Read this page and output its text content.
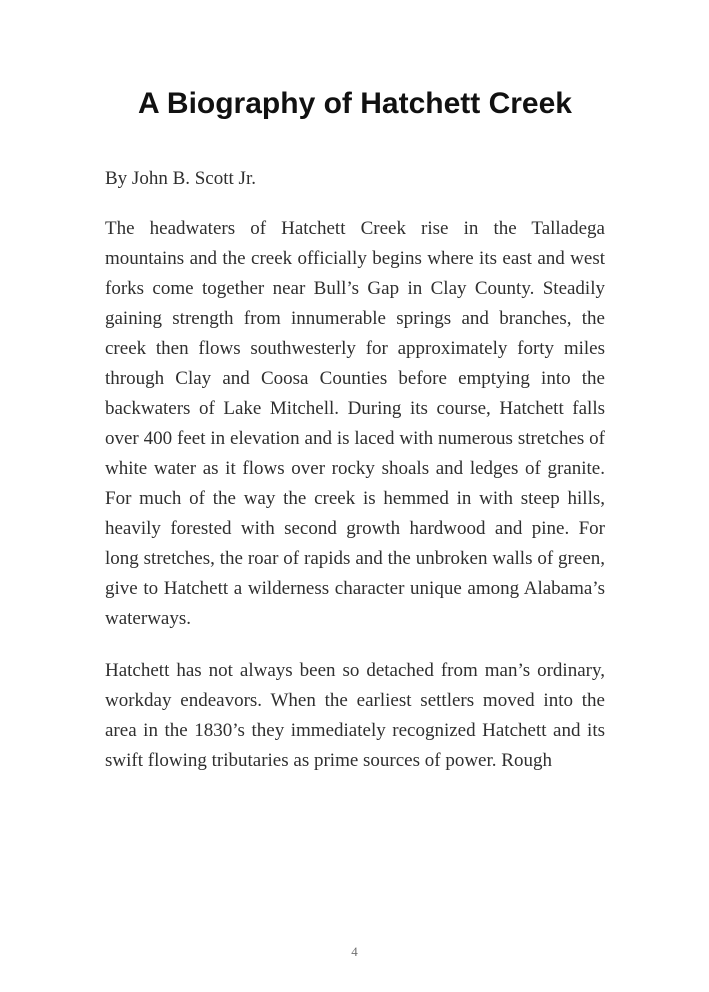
A Biography of Hatchett Creek

By John B. Scott Jr.

The headwaters of Hatchett Creek rise in the Talladega mountains and the creek officially begins where its east and west forks come together near Bull’s Gap in Clay County. Steadily gaining strength from innumerable springs and branches, the creek then flows southwesterly for approximately forty miles through Clay and Coosa Counties before emptying into the backwaters of Lake Mitchell. During its course, Hatchett falls over 400 feet in elevation and is laced with numerous stretches of white water as it flows over rocky shoals and ledges of granite. For much of the way the creek is hemmed in with steep hills, heavily forested with second growth hardwood and pine. For long stretches, the roar of rapids and the unbroken walls of green, give to Hatchett a wilderness character unique among Alabama’s waterways.

Hatchett has not always been so detached from man’s ordinary, workday endeavors. When the earliest settlers moved into the area in the 1830’s they immediately recognized Hatchett and its swift flowing tributaries as prime sources of power. Rough

4
